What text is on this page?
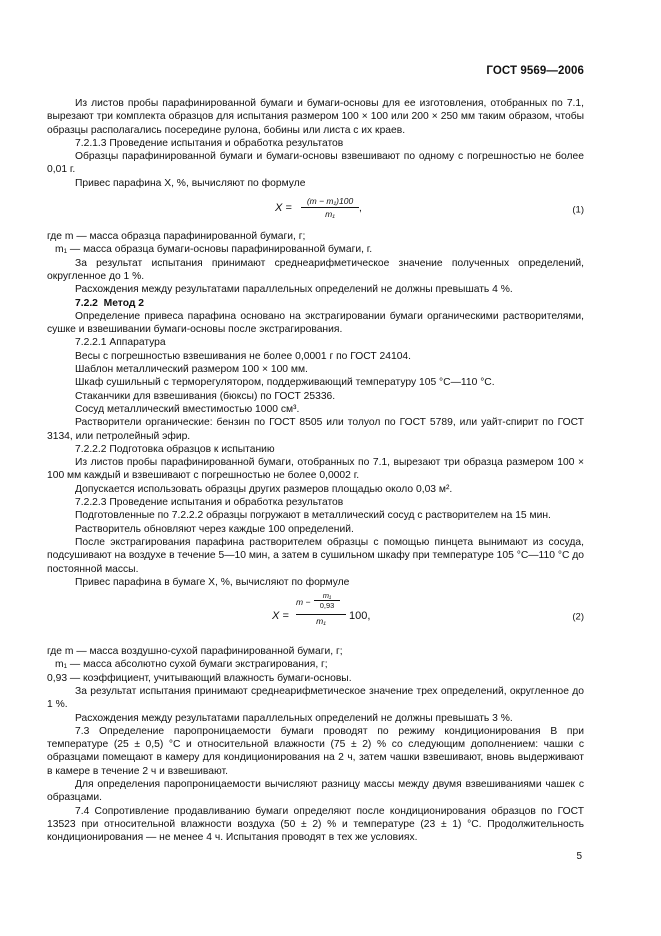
ГОСТ 9569—2006

Из листов пробы парафинированной бумаги и бумаги-основы для ее изготовления, отобранных по 7.1, вырезают три комплекта образцов для испытания размером 100 × 100 или 200 × 250 мм таким образом, чтобы образцы располагались посередине рулона, бобины или листа с их краев.

7.2.1.3 Проведение испытания и обработка результатов

Образцы парафинированной бумаги и бумаги-основы взвешивают по одному с погрешностью не более 0,01 г.

Привес парафина X, %, вычисляют по формуле

X =
(m − m₁)100
m₁	,	(1)

где m — масса образца парафинированной бумаги, г;

m₁ — масса образца бумаги-основы парафинированной бумаги, г.

За результат испытания принимают среднеарифметическое значение полученных определений, округленное до 1 %.

Расхождения между результатами параллельных определений не должны превышать 4 %.

7.2.2 Метод 2

Определение привеса парафина основано на экстрагировании бумаги органическими растворителями, сушке и взвешивании бумаги-основы после экстрагирования.

7.2.2.1 Аппаратура

Весы с погрешностью взвешивания не более 0,0001 г по ГОСТ 24104.

Шаблон металлический размером 100 × 100 мм.

Шкаф сушильный с терморегулятором, поддерживающий температуру 105 °C—110 °C.

Стаканчики для взвешивания (бюксы) по ГОСТ 25336.

Сосуд металлический вместимостью 1000 см³.

Растворители органические: бензин по ГОСТ 8505 или толуол по ГОСТ 5789, или уайт-спирит по ГОСТ 3134, или петролейный эфир.

7.2.2.2 Подготовка образцов к испытанию

Из листов пробы парафинированной бумаги, отобранных по 7.1, вырезают три образца размером 100 × 100 мм каждый и взвешивают с погрешностью не более 0,0002 г.

Допускается использовать образцы других размеров площадью около 0,03 м².

7.2.2.3 Проведение испытания и обработка результатов

Подготовленные по 7.2.2.2 образцы погружают в металлический сосуд с растворителем на 15 мин.

Растворитель обновляют через каждые 100 определений.

После экстрагирования парафина растворителем образцы с помощью пинцета вынимают из сосуда, подсушивают на воздухе в течение 5—10 мин, а затем в сушильном шкафу при температуре 105 °C—110 °C до постоянной массы.

Привес парафина в бумаге X, %, вычисляют по формуле

X =
m −
m₁
0,93
m₁	100,	(2)

где m — масса воздушно-сухой парафинированной бумаги, г;

m₁ — масса абсолютно сухой бумаги экстрагирования, г;

0,93 — коэффициент, учитывающий влажность бумаги-основы.

За результат испытания принимают среднеарифметическое значение трех определений, округленное до 1 %.

Расхождения между результатами параллельных определений не должны превышать 3 %.

7.3 Определение паропроницаемости бумаги проводят по режиму кондиционирования В при температуре (25 ± 0,5) °С и относительной влажности (75 ± 2) % со следующим дополнением: чашки с образцами помещают в камеру для кондиционирования на 2 ч, затем чашки взвешивают, вновь выдерживают в камере в течение 2 ч и взвешивают.

Для определения паропроницаемости вычисляют разницу массы между двумя взвешиваниями чашек с образцами.

7.4 Сопротивление продавливанию бумаги определяют после кондиционирования образцов по ГОСТ 13523 при относительной влажности воздуха (50 ± 2) % и температуре (23 ± 1) °С. Продолжительность кондиционирования — не менее 4 ч. Испытания проводят в тех же условиях.

5
